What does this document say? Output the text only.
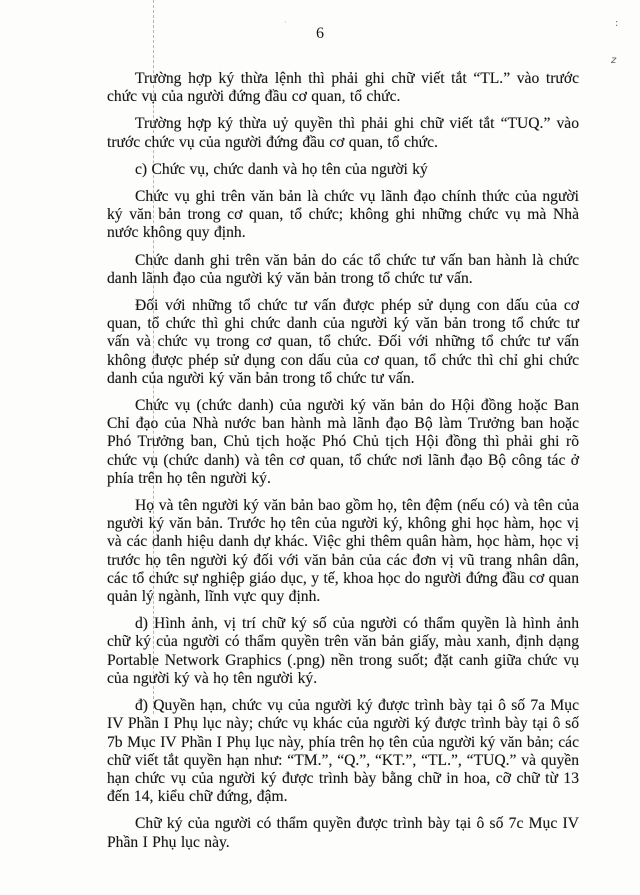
:
z
·
6

Trường hợp ký thừa lệnh thì phải ghi chữ viết tắt “TL.” vào trước chức vụ của người đứng đầu cơ quan, tổ chức.

Trường hợp ký thừa uỷ quyền thì phải ghi chữ viết tắt “TUQ.” vào trước chức vụ của người đứng đầu cơ quan, tổ chức.

c) Chức vụ, chức danh và họ tên của người ký

Chức vụ ghi trên văn bản là chức vụ lãnh đạo chính thức của người ký văn bản trong cơ quan, tổ chức; không ghi những chức vụ mà Nhà nước không quy định.

Chức danh ghi trên văn bản do các tổ chức tư vấn ban hành là chức danh lãnh đạo của người ký văn bản trong tổ chức tư vấn.

Đối với những tổ chức tư vấn được phép sử dụng con dấu của cơ quan, tổ chức thì ghi chức danh của người ký văn bản trong tổ chức tư vấn và chức vụ trong cơ quan, tổ chức. Đối với những tổ chức tư vấn không được phép sử dụng con dấu của cơ quan, tổ chức thì chỉ ghi chức danh của người ký văn bản trong tổ chức tư vấn.

Chức vụ (chức danh) của người ký văn bản do Hội đồng hoặc Ban Chỉ đạo của Nhà nước ban hành mà lãnh đạo Bộ làm Trưởng ban hoặc Phó Trưởng ban, Chủ tịch hoặc Phó Chủ tịch Hội đồng thì phải ghi rõ chức vụ (chức danh) và tên cơ quan, tổ chức nơi lãnh đạo Bộ công tác ở phía trên họ tên người ký.

Họ và tên người ký văn bản bao gồm họ, tên đệm (nếu có) và tên của người ký văn bản. Trước họ tên của người ký, không ghi học hàm, học vị và các danh hiệu danh dự khác. Việc ghi thêm quân hàm, học hàm, học vị trước họ tên người ký đối với văn bản của các đơn vị vũ trang nhân dân, các tổ chức sự nghiệp giáo dục, y tế, khoa học do người đứng đầu cơ quan quản lý ngành, lĩnh vực quy định.

d) Hình ảnh, vị trí chữ ký số của người có thẩm quyền là hình ảnh chữ ký của người có thẩm quyền trên văn bản giấy, màu xanh, định dạng Portable Network Graphics (.png) nền trong suốt; đặt canh giữa chức vụ của người ký và họ tên người ký.

đ) Quyền hạn, chức vụ của người ký được trình bày tại ô số 7a Mục IV Phần I Phụ lục này; chức vụ khác của người ký được trình bày tại ô số 7b Mục IV Phần I Phụ lục này, phía trên họ tên của người ký văn bản; các chữ viết tắt quyền hạn như: “TM.”, “Q.”, “KT.”, “TL.”, “TUQ.” và quyền hạn chức vụ của người ký được trình bày bằng chữ in hoa, cỡ chữ từ 13 đến 14, kiểu chữ đứng, đậm.

Chữ ký của người có thẩm quyền được trình bày tại ô số 7c Mục IV Phần I Phụ lục này.
